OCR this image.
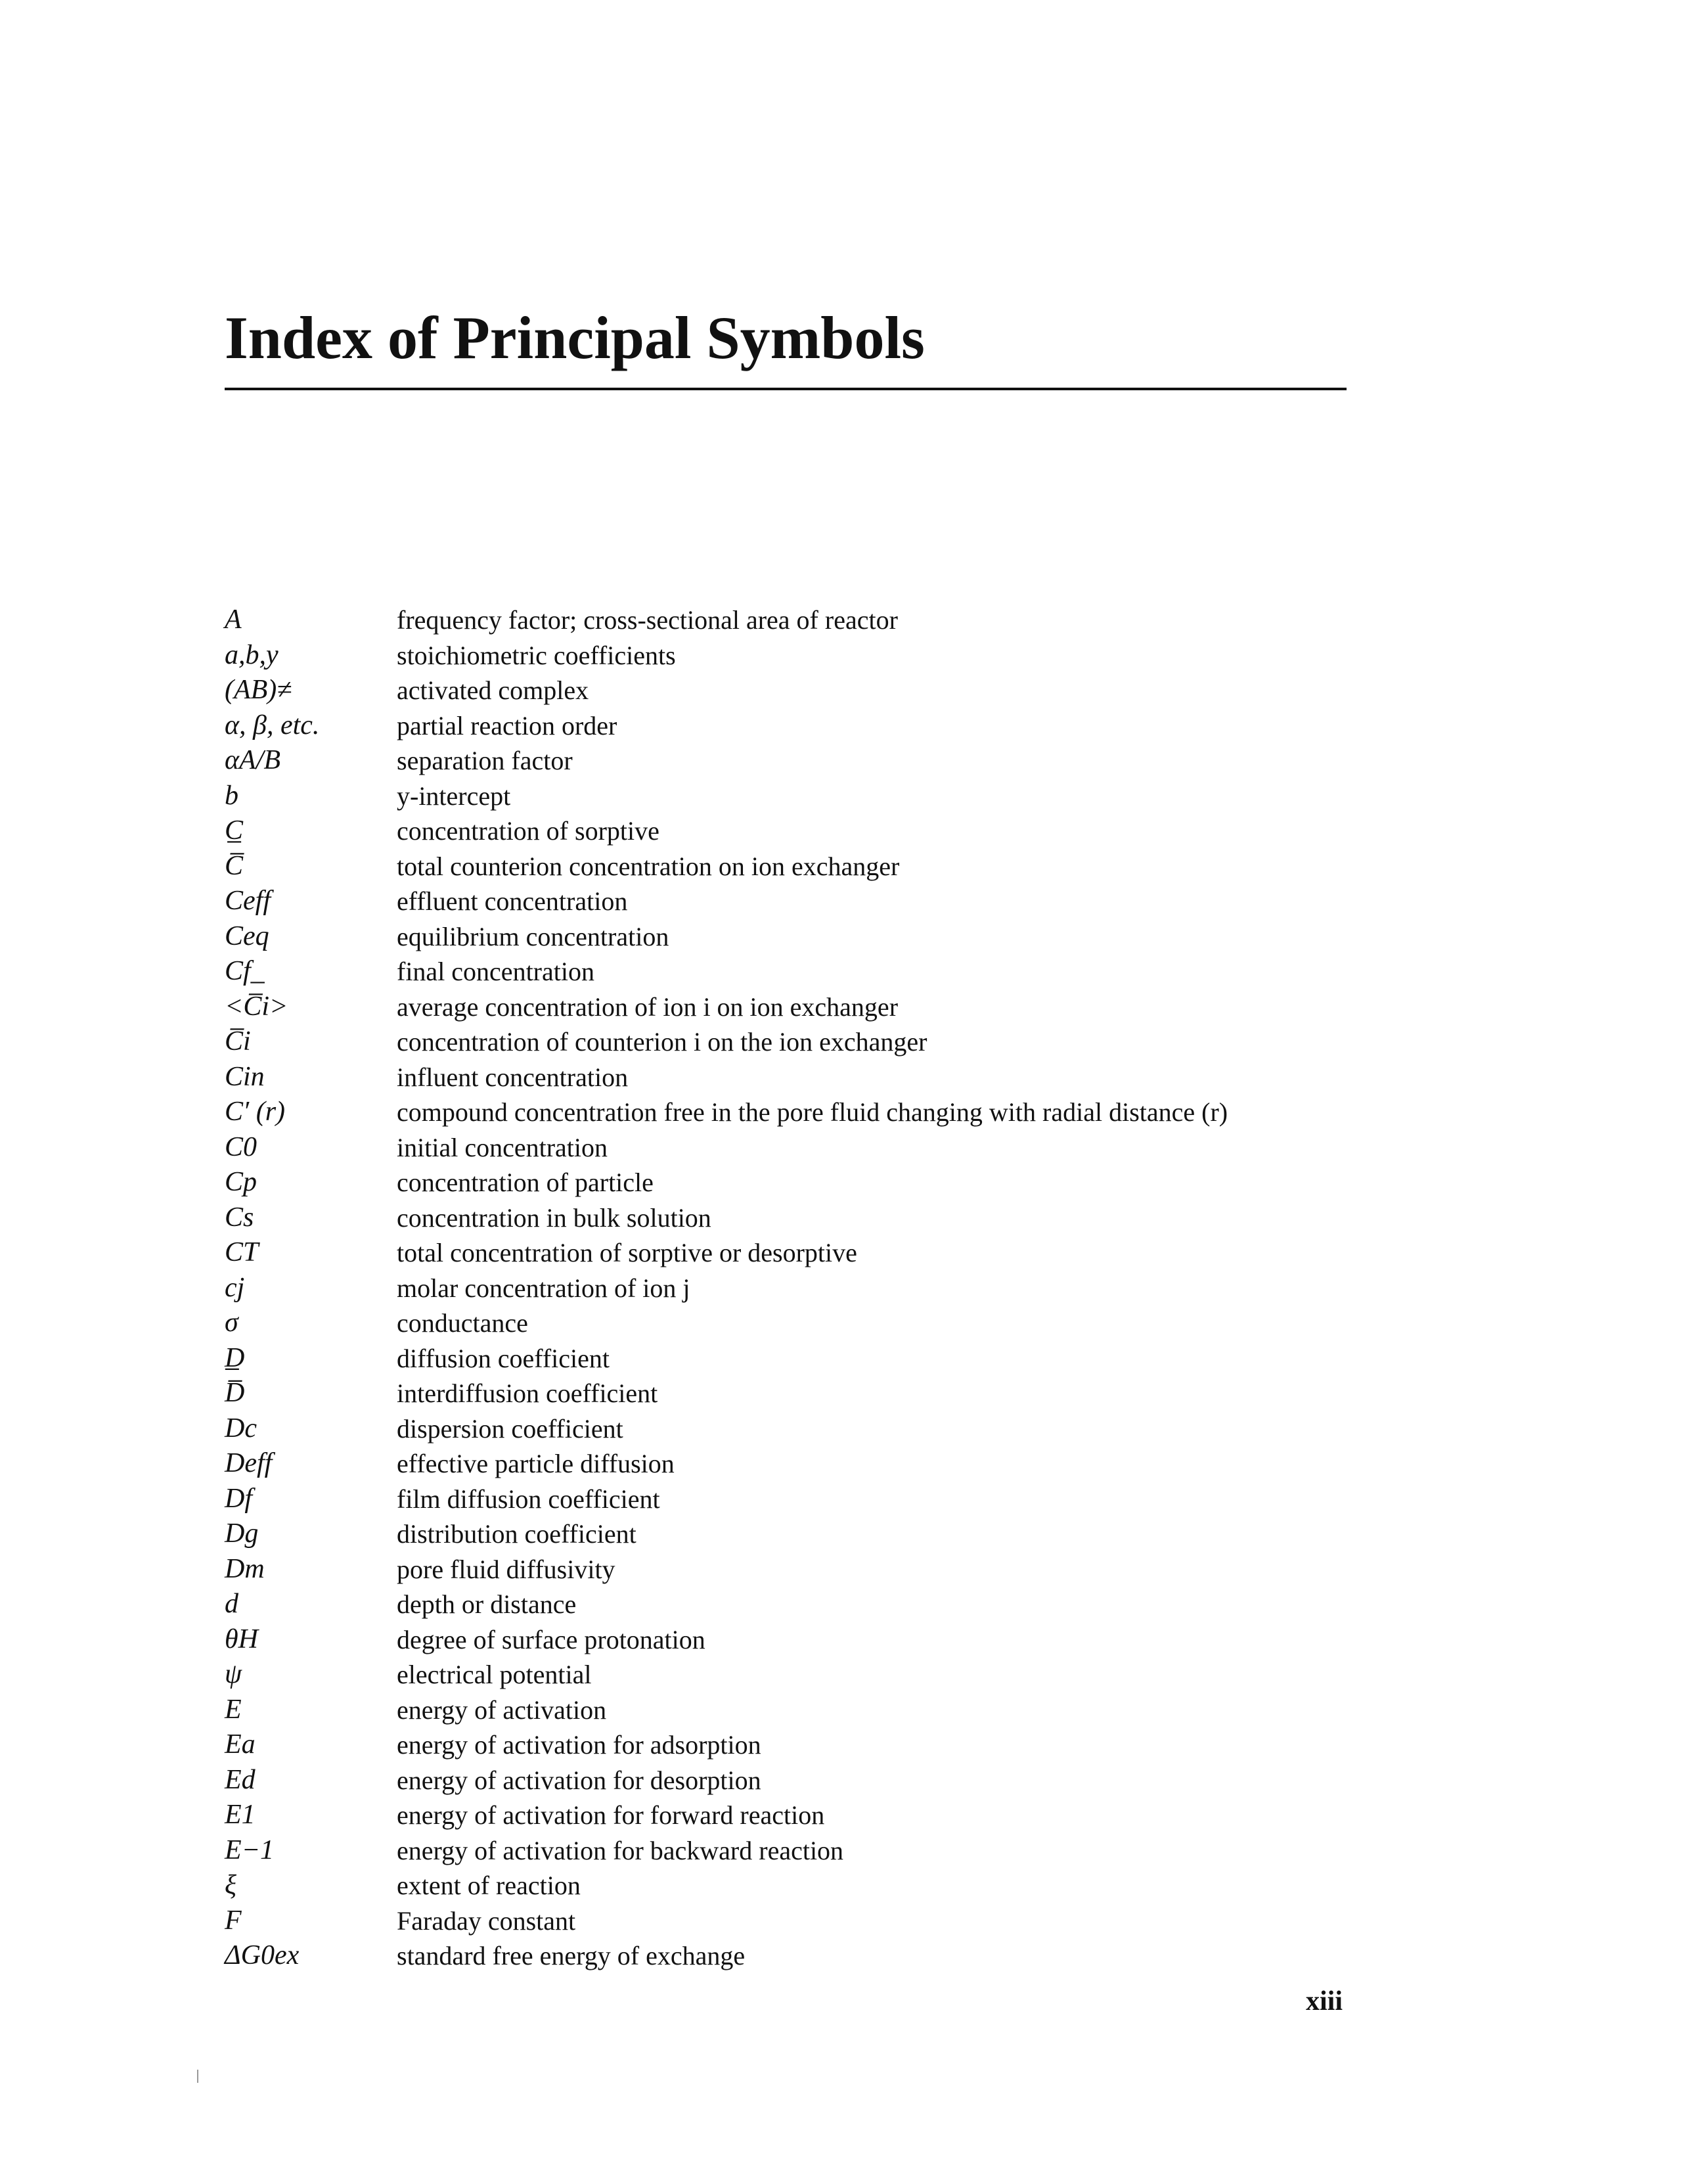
Index of Principal Symbols
A	frequency factor; cross-sectional area of reactor
a,b,y	stoichiometric coefficients
(AB)≠	activated complex
α, β, etc.	partial reaction order
αA/B	separation factor
b	y-intercept
C̲	concentration of sorptive
C̅	total counterion concentration on ion exchanger
Ceff	effluent concentration
Ceq	equilibrium concentration
Cf_	final concentration
<C̅i>	average concentration of ion i on ion exchanger
C̅i	concentration of counterion i on the ion exchanger
Cin	influent concentration
C′ (r)	compound concentration free in the pore fluid changing with radial distance (r)
C0	initial concentration
Cp	concentration of particle
Cs	concentration in bulk solution
CT	total concentration of sorptive or desorptive
cj	molar concentration of ion j
σ	conductance
D̲	diffusion coefficient
D̅	interdiffusion coefficient
Dc	dispersion coefficient
Deff	effective particle diffusion
Df	film diffusion coefficient
Dg	distribution coefficient
Dm	pore fluid diffusivity
d	depth or distance
θH	degree of surface protonation
ψ	electrical potential
E	energy of activation
Ea	energy of activation for adsorption
Ed	energy of activation for desorption
E1	energy of activation for forward reaction
E−1	energy of activation for backward reaction
ξ	extent of reaction
F	Faraday constant
ΔG0ex	standard free energy of exchange
xiii
